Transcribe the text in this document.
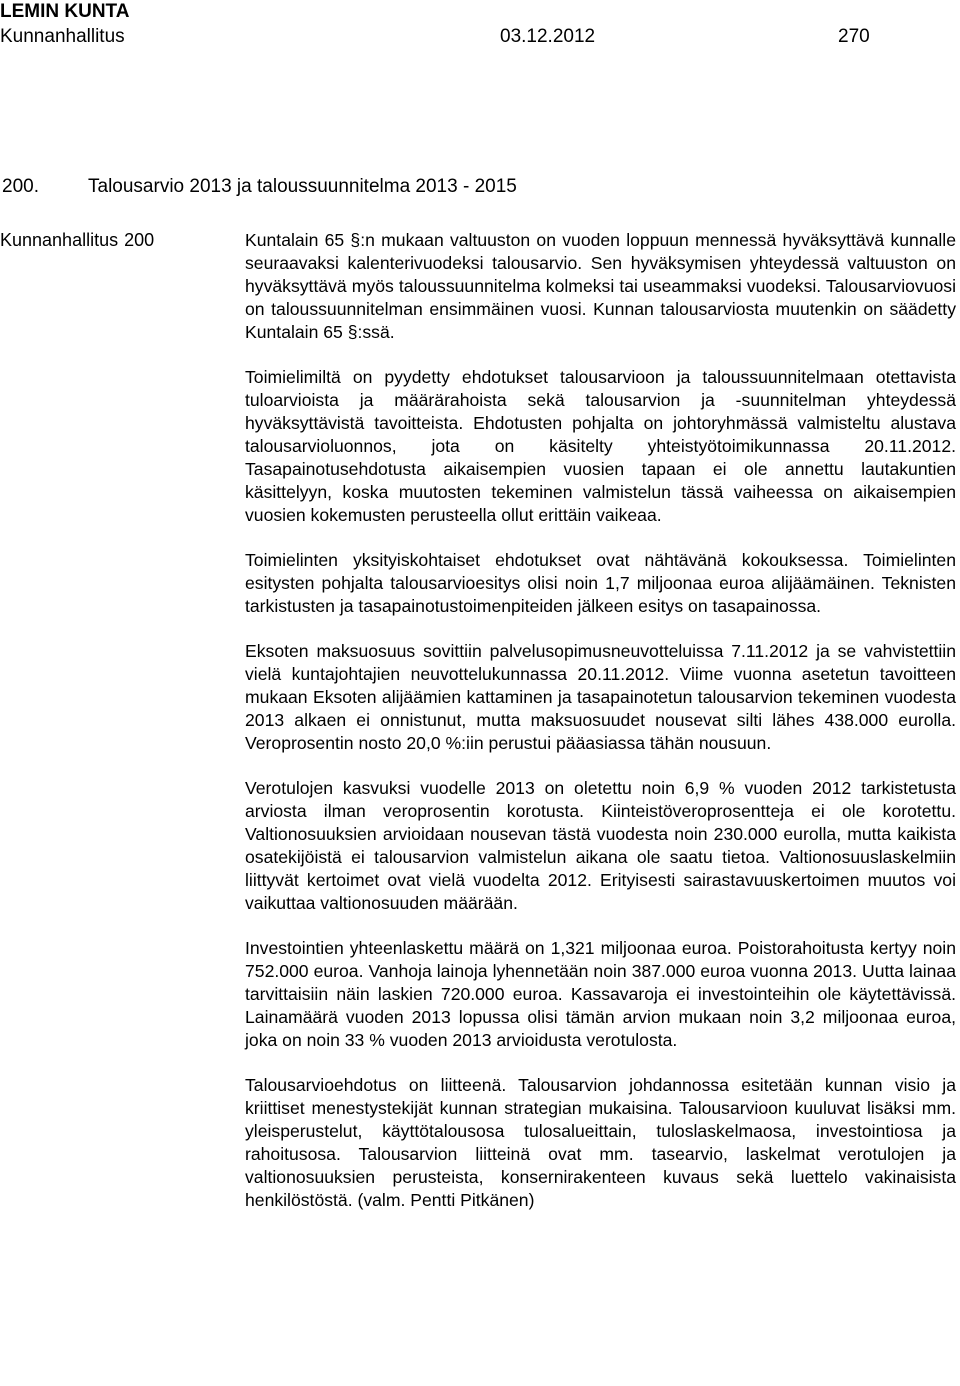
LEMIN KUNTA
Kunnanhallitus	03.12.2012	270
200.	Talousarvio 2013 ja taloussuunnitelma 2013 - 2015
Kunnanhallitus 200	Kuntalain 65 §:n mukaan valtuuston on vuoden loppuun mennessä hyväksyttävä kunnalle seuraavaksi kalenterivuodeksi talousarvio. Sen hyväksymisen yhteydessä valtuuston on hyväksyttävä myös taloussuunnitelma kolmeksi tai useammaksi vuodeksi. Talousarviovuosi on taloussuunnitelman ensimmäinen vuosi. Kunnan talousarviosta muutenkin on säädetty Kuntalain 65 §:ssä.

Toimielimiltä on pyydetty ehdotukset talousarvioon ja taloussuunnitelmaan otettavista tuloarvioista ja määrärahoista sekä talousarvion ja -suunnitelman yhteydessä hyväksyttävistä tavoitteista. Ehdotusten pohjalta on johtoryhmässä valmisteltu alustava talousarvioluonnos, jota on käsitelty yhteistyötoimikunnassa 20.11.2012. Tasapainotusehdotusta aikaisempien vuosien tapaan ei ole annettu lautakuntien käsittelyyn, koska muutosten tekeminen valmistelun tässä vaiheessa on aikaisempien vuosien kokemusten perusteella ollut erittäin vaikeaa.

Toimielinten yksityiskohtaiset ehdotukset ovat nähtävänä kokouksessa. Toimielinten esitysten pohjalta talousarvioesitys olisi noin 1,7 miljoonaa euroa alijäämäinen. Teknisten tarkistusten ja tasapainotustoimenpiteiden jälkeen esitys on tasapainossa.

Eksoten maksuosuus sovittiin palvelusopimusneuvotteluissa 7.11.2012 ja se vahvistettiin vielä kuntajohtajien neuvottelukunnassa 20.11.2012. Viime vuonna asetetun tavoitteen mukaan Eksoten alijäämien kattaminen ja tasapainotetun talousarvion tekeminen vuodesta 2013 alkaen ei onnistunut, mutta maksuosuudet nousevat silti lähes 438.000 eurolla. Veroprosentin nosto 20,0 %:iin perustui pääasiassa tähän nousuun.

Verotulojen kasvuksi vuodelle 2013 on oletettu noin 6,9 % vuoden 2012 tarkistetusta arviosta ilman veroprosentin korotusta. Kiinteistöveroprosentteja ei ole korotettu. Valtionosuuksien arvioidaan nousevan tästä vuodesta noin 230.000 eurolla, mutta kaikista osatekijöistä ei talousarvion valmistelun aikana ole saatu tietoa. Valtionosuuslaskelmiin liittyvät kertoimet ovat vielä vuodelta 2012. Erityisesti sairastavuuskertoimen muutos voi vaikuttaa valtionosuuden määrään.

Investointien yhteenlaskettu määrä on 1,321 miljoonaa euroa. Poistorahoitusta kertyy noin 752.000 euroa. Vanhoja lainoja lyhennetään noin 387.000 euroa vuonna 2013. Uutta lainaa tarvittaisiin näin laskien 720.000 euroa. Kassavaroja ei investointeihin ole käytettävissä. Lainamäärä vuoden 2013 lopussa olisi tämän arvion mukaan noin 3,2 miljoonaa euroa, joka on noin 33 % vuoden 2013 arvioidusta verotulosta.

Talousarvioehdotus on liitteenä. Talousarvion johdannossa esitetään kunnan visio ja kriittiset menestystekijät kunnan strategian mukaisina. Talousarvioon kuuluvat lisäksi mm. yleisperustelut, käyttötalousosa tulosalueittain, tuloslaskelmaosa, investointiosa ja rahoitusosa. Talousarvion liitteinä ovat mm. tasearvio, laskelmat verotulojen ja valtionosuuksien perusteista, konsernirakenteen kuvaus sekä luettelo vakinaisista henkilöstöstä. (valm. Pentti Pitkänen)
